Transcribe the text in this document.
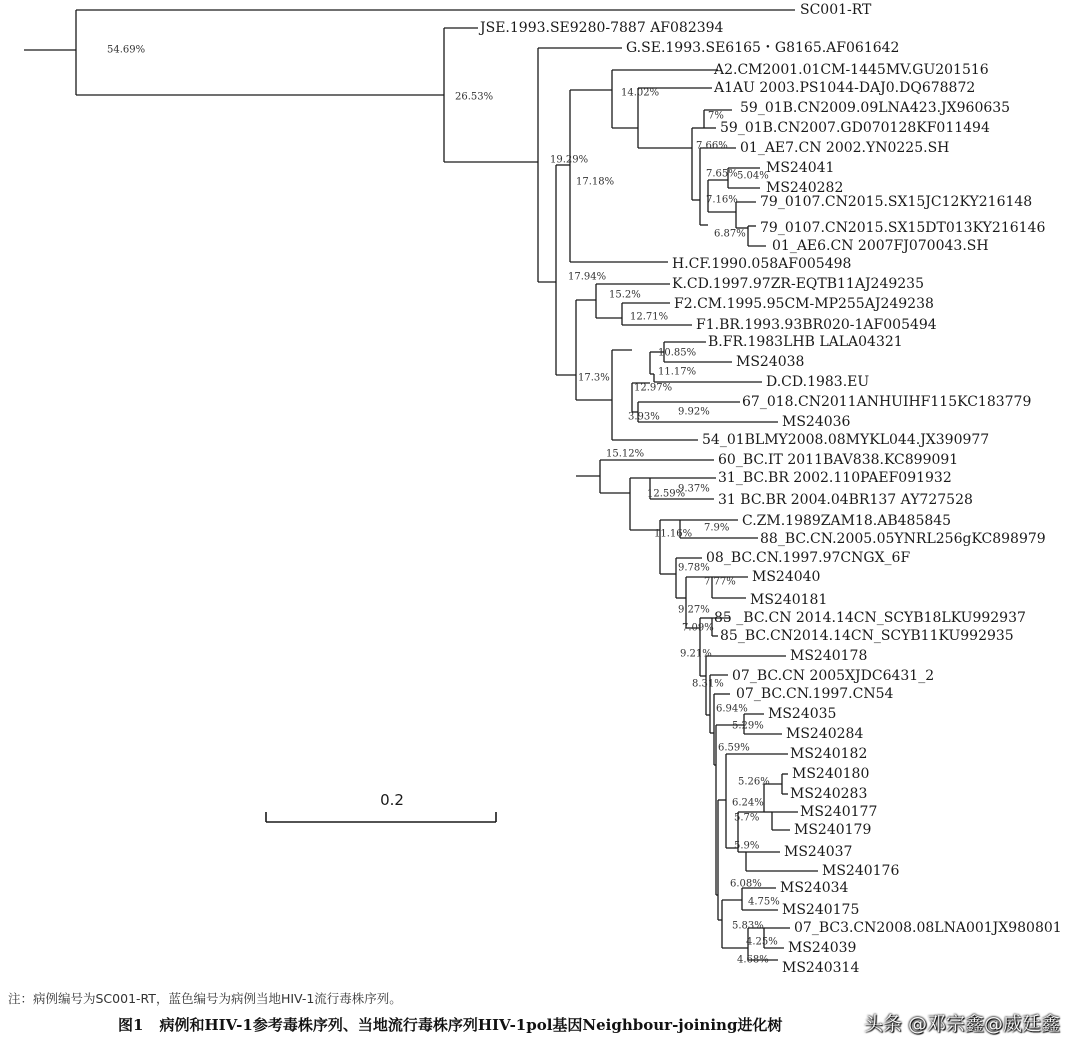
0.2
SC001-RT
JSE.1993.SE9280-7887 AF082394
G.SE.1993.SE6165・G8165.AF061642
A2.CM2001.01CM-1445MV.GU201516
A1AU 2003.PS1044-DAJ0.DQ678872
59_01B.CN2009.09LNA423.JX960635
59_01B.CN2007.GD070128KF011494
01_AE7.CN 2002.YN0225.SH
MS24041
MS240282
79_0107.CN2015.SX15JC12KY216148
79_0107.CN2015.SX15DT013KY216146
01_AE6.CN 2007FJ070043.SH
H.CF.1990.058AF005498
K.CD.1997.97ZR-EQTB11AJ249235
F2.CM.1995.95CM-MP255AJ249238
F1.BR.1993.93BR020-1AF005494
B.FR.1983LHB LALA04321
MS24038
D.CD.1983.EU
67_018.CN2011ANHUIHF115KC183779
MS24036
54_01BLMY2008.08MYKL044.JX390977
60_BC.IT 2011BAV838.KC899091
31_BC.BR 2002.110PAEF091932
31 BC.BR 2004.04BR137 AY727528
C.ZM.1989ZAM18.AB485845
88_BC.CN.2005.05YNRL256gKC898979
08_BC.CN.1997.97CNGX_6F
MS24040
MS240181
85 _BC.CN 2014.14CN_SCYB18LKU992937
85_BC.CN2014.14CN_SCYB11KU992935
MS240178
07_BC.CN 2005XJDC6431_2
07_BC.CN.1997.CN54
MS24035
MS240284
MS240182
MS240180
MS240283
MS240177
MS240179
MS24037
MS240176
MS24034
MS240175
07_BC3.CN2008.08LNA001JX980801
MS24039
MS240314
54.69%
26.53%
19.29%
17.18%
14.02%
7%
7.66%
5.04%
7.65%
7.16%
6.87%
17.94%
15.2%
12.71%
17.3%
10.85%
11.17%
12.97%
9.92%
3.93%
15.12%
12.59%
9.37%
11.16%
7.9%
9.78%
7.77%
9.27%
7.09%
9.21%
8.31%
6.94%
5.29%
6.59%
5.26%
6.24%
5.7%
5.9%
6.08%
4.75%
5.83%
4.25%
4.68%
注：病例编号为SC001-RT，蓝色编号为病例当地HIV-1流行毒株序列。
图1 病例和HIV-1参考毒株序列、当地流行毒株序列HIV-1pol基因Neighbour-joining进化树	头条 @邓宗鑫@威廷鑫
